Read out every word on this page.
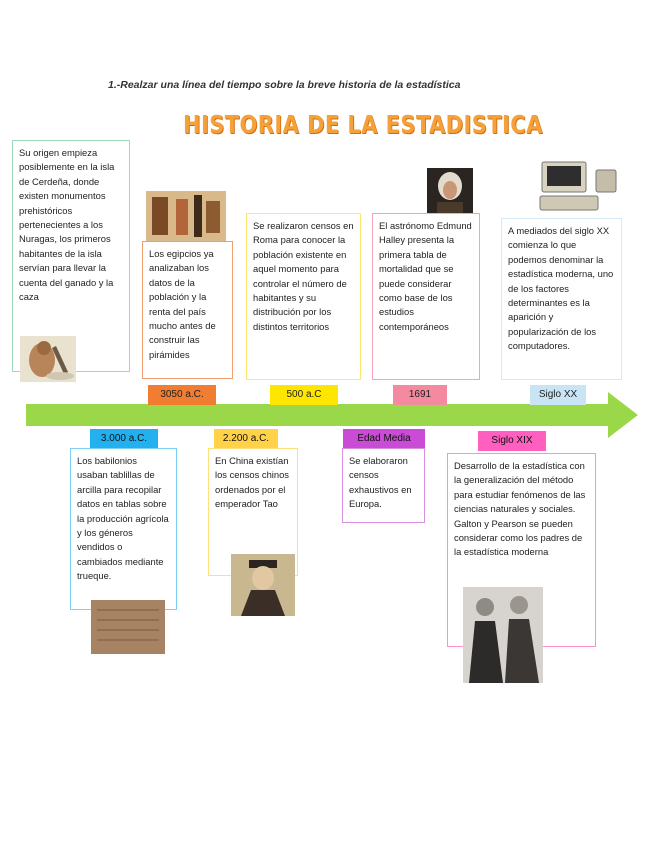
1.-Realzar una línea del tiempo sobre la breve historia de la estadística
HISTORIA DE LA ESTADISTICA
Su origen empieza posiblemente en la isla de Cerdeña, donde existen monumentos prehistóricos pertenecientes a los Nuragas, los primeros habitantes de la isla servían para llevar la cuenta del ganado y la caza
Los egipcios ya analizaban los datos de la población y la renta del país mucho antes de construir las pirámides
3050 a.C.
Se realizaron censos en Roma para conocer la población existente en aquel momento para controlar el número de habitantes y su distribución por los distintos territorios
500 a.C
El astrónomo Edmund Halley presenta la primera tabla de mortalidad que se puede considerar como base de los estudios contemporáneos
1691
A mediados del siglo XX comienza lo que podemos denominar la estadística moderna, uno de los factores determinantes es la aparición y popularización de los computadores.
Siglo XX
3.000 a.C.
Los babilonios usaban tablillas de arcilla para recopilar datos en tablas sobre la producción agrícola y los géneros vendidos o cambiados mediante trueque.
2.200 a.C.
En China existían los censos chinos ordenados por el emperador Tao
Edad Media
Se elaboraron censos exhaustivos en Europa.
Siglo XIX
Desarrollo de la estadística con la generalización del método para estudiar fenómenos de las ciencias naturales y sociales. Galton y Pearson se pueden considerar como los padres de la estadística moderna
